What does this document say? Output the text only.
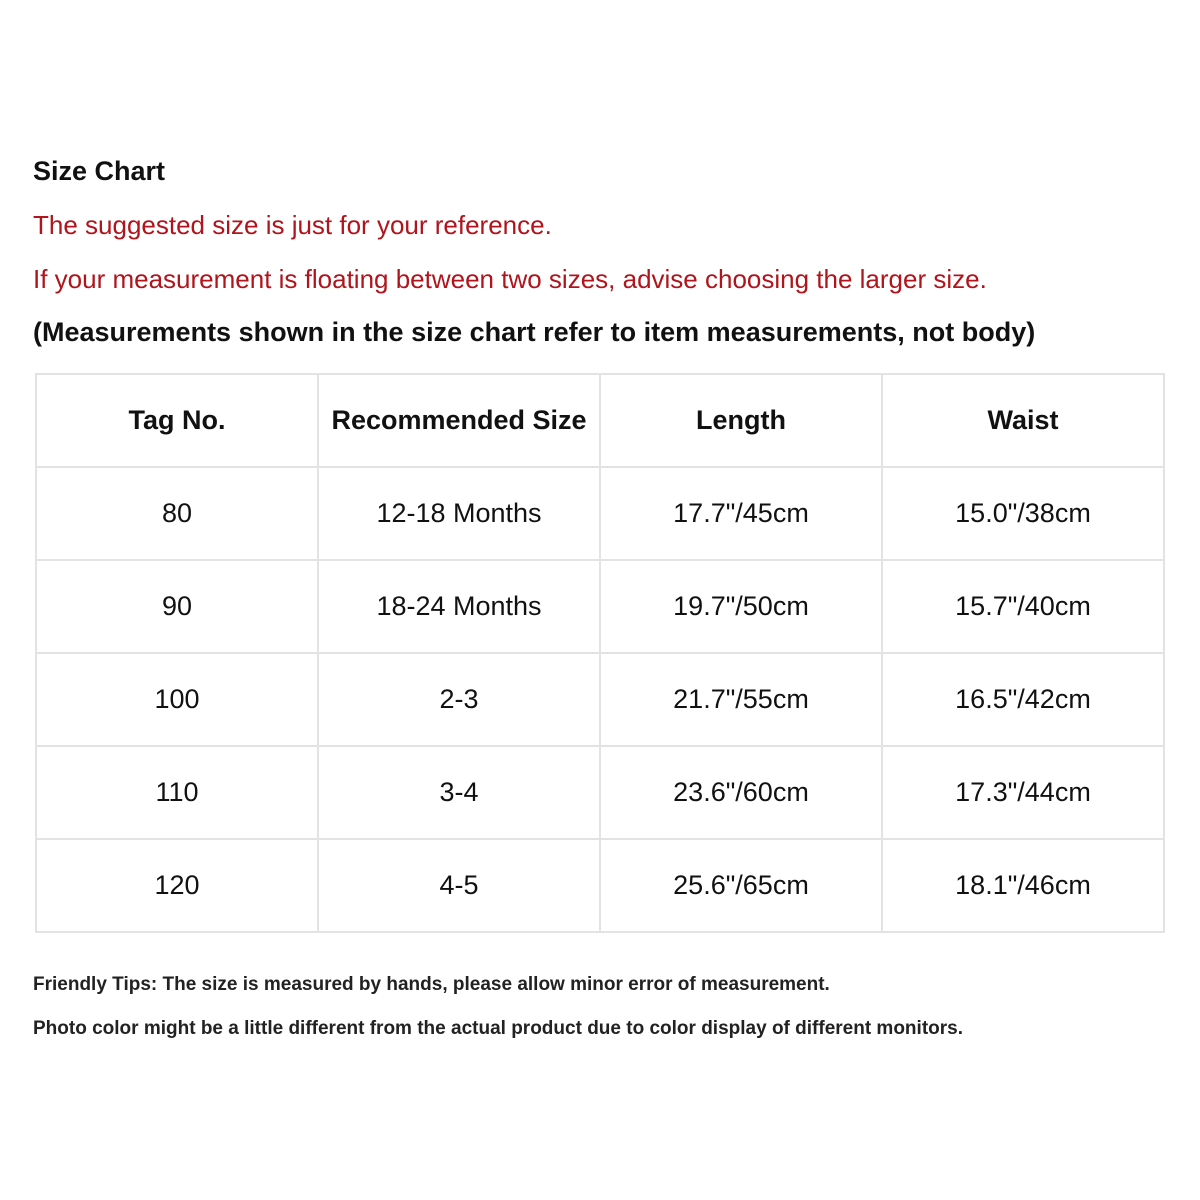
Size Chart
The suggested size is just for your reference.
If your measurement is floating between two sizes, advise choosing the larger size.
(Measurements shown in the size chart refer to item measurements, not body)
Tag No.	Recommended Size	Length	Waist
80	12-18 Months	17.7"/45cm	15.0"/38cm
90	18-24 Months	19.7"/50cm	15.7"/40cm
100	2-3	21.7"/55cm	16.5"/42cm
110	3-4	23.6"/60cm	17.3"/44cm
120	4-5	25.6"/65cm	18.1"/46cm
Friendly Tips: The size is measured by hands, please allow minor error of measurement.
Photo color might be a little different from the actual product due to color display of different monitors.
